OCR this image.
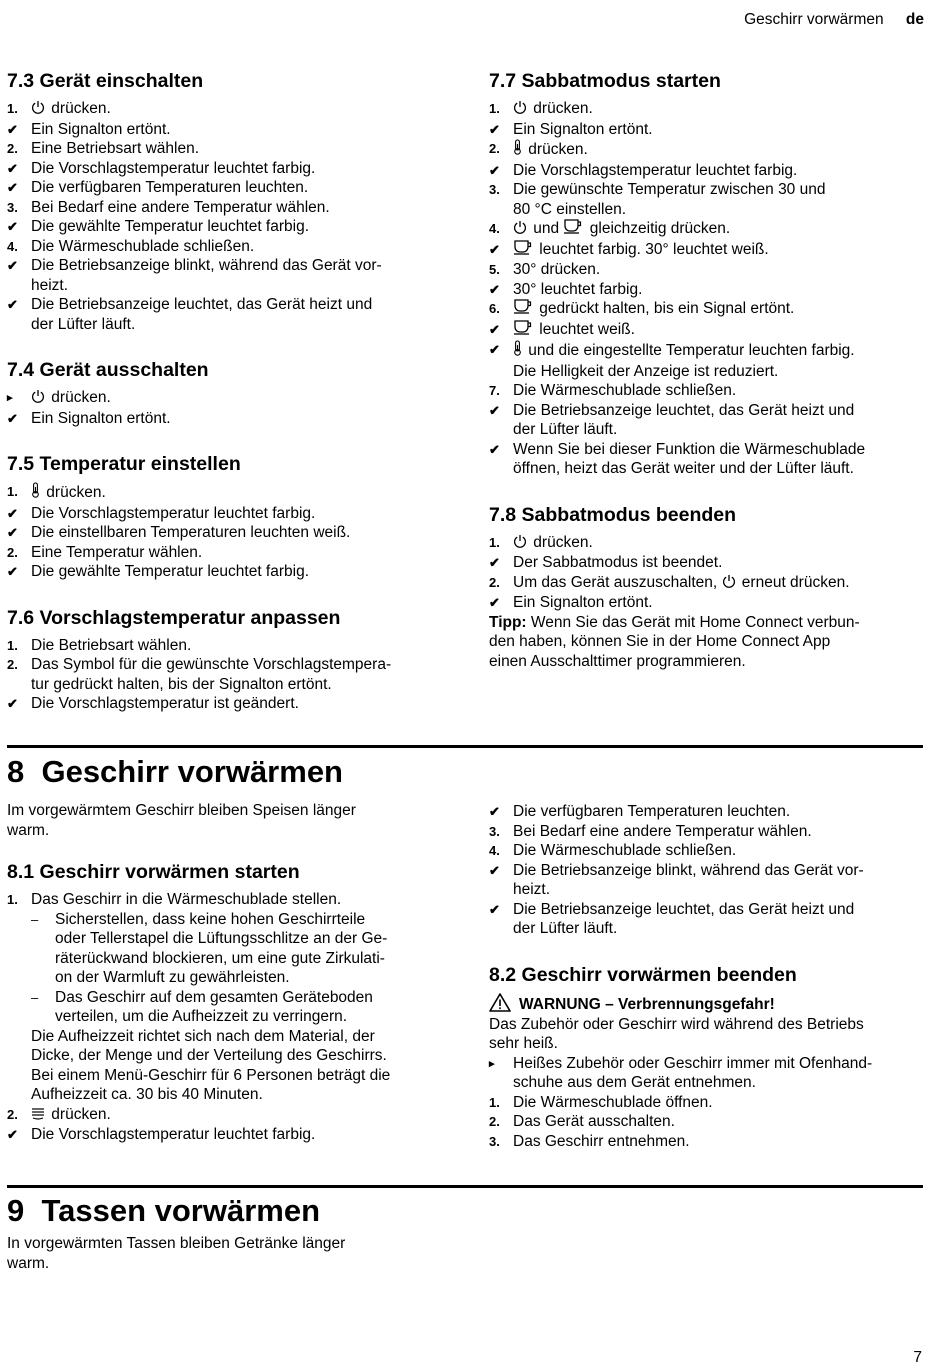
Geschirr vorwärmen de
7.3 Gerät einschalten
1.	drücken.
✔ Ein Signalton ertönt.
2. Eine Betriebsart wählen.
✔ Die Vorschlagstemperatur leuchtet farbig.
✔ Die verfügbaren Temperaturen leuchten.
3. Bei Bedarf eine andere Temperatur wählen.
✔ Die gewählte Temperatur leuchtet farbig.
4. Die Wärmeschublade schließen.
✔ Die Betriebsanzeige blinkt, während das Gerät vor-
heizt.
✔ Die Betriebsanzeige leuchtet, das Gerät heizt und
der Lüfter läuft.
7.4 Gerät ausschalten
▸	drücken.
✔ Ein Signalton ertönt.
7.5 Temperatur einstellen
1.	drücken.
✔ Die Vorschlagstemperatur leuchtet farbig.
✔ Die einstellbaren Temperaturen leuchten weiß.
2. Eine Temperatur wählen.
✔ Die gewählte Temperatur leuchtet farbig.
7.6 Vorschlagstemperatur anpassen
1. Die Betriebsart wählen.
2. Das Symbol für die gewünschte Vorschlagstempera-
tur gedrückt halten, bis der Signalton ertönt.
✔ Die Vorschlagstemperatur ist geändert.
7.7 Sabbatmodus starten
1.	drücken.
✔ Ein Signalton ertönt.
2.	drücken.
✔ Die Vorschlagstemperatur leuchtet farbig.
3. Die gewünschte Temperatur zwischen 30 und
80 °C einstellen.
4.	und  gleichzeitig drücken.
✔	leuchtet farbig. 30° leuchtet weiß.
5. 30° drücken.
✔ 30° leuchtet farbig.
6.	gedrückt halten, bis ein Signal ertönt.
✔	leuchtet weiß.
✔	und die eingestellte Temperatur leuchten farbig.
Die Helligkeit der Anzeige ist reduziert.
7. Die Wärmeschublade schließen.
✔ Die Betriebsanzeige leuchtet, das Gerät heizt und
der Lüfter läuft.
✔ Wenn Sie bei dieser Funktion die Wärmeschublade
öffnen, heizt das Gerät weiter und der Lüfter läuft.
7.8 Sabbatmodus beenden
1.	drücken.
✔ Der Sabbatmodus ist beendet.
2. Um das Gerät auszuschalten,  erneut drücken.
✔ Ein Signalton ertönt.
Tipp: Wenn Sie das Gerät mit Home Connect verbun-
den haben, können Sie in der Home Connect App
einen Ausschalttimer programmieren.
8  Geschirr vorwärmen
Im vorgewärmtem Geschirr bleiben Speisen länger
warm.
8.1 Geschirr vorwärmen starten
1. Das Geschirr in die Wärmeschublade stellen.
–	Sicherstellen, dass keine hohen Geschirrteile
oder Tellerstapel die Lüftungsschlitze an der Ge-
räterückwand blockieren, um eine gute Zirkulati-
on der Warmluft zu gewährleisten.
–	Das Geschirr auf dem gesamten Geräteboden
verteilen, um die Aufheizzeit zu verringern.
Die Aufheizzeit richtet sich nach dem Material, der
Dicke, der Menge und der Verteilung des Geschirrs.
Bei einem Menü-Geschirr für 6 Personen beträgt die
Aufheizzeit ca. 30 bis 40 Minuten.
2.	drücken.
✔ Die Vorschlagstemperatur leuchtet farbig.
✔ Die verfügbaren Temperaturen leuchten.
3. Bei Bedarf eine andere Temperatur wählen.
4. Die Wärmeschublade schließen.
✔ Die Betriebsanzeige blinkt, während das Gerät vor-
heizt.
✔ Die Betriebsanzeige leuchtet, das Gerät heizt und
der Lüfter läuft.
8.2 Geschirr vorwärmen beenden
WARNUNG – Verbrennungsgefahr!
Das Zubehör oder Geschirr wird während des Betriebs
sehr heiß.
▸	Heißes Zubehör oder Geschirr immer mit Ofenhand-
schuhe aus dem Gerät entnehmen.
1. Die Wärmeschublade öffnen.
2. Das Gerät ausschalten.
3. Das Geschirr entnehmen.
9  Tassen vorwärmen
In vorgewärmten Tassen bleiben Getränke länger
warm.
7
